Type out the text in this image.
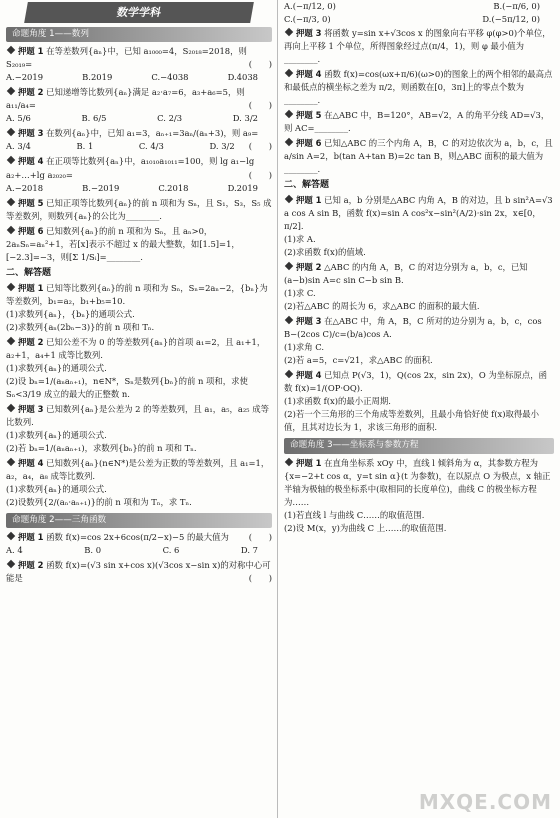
数学学科
命题角度 1——数列
押题 1 在等差数列{aₙ}中，已知 a₁₀₀₀=4，S₂₀₁₈=2018，则 S₂₀₁₉=	(　　)
A.−2019	B.2019	C.−4038	D.4038
押题 2 已知递增等比数列{aₙ}满足 a₂·a₇=6，a₃+a₆=5，则 a₁₁/a₄=	(　　)
A. 5/6	B. 6/5	C. 2/3	D. 3/2
押题 3 在数列{aₙ}中，已知 a₁=3，aₙ₊₁=3aₙ/(aₙ+3)，则 a₉=
(　　)
A. 3/4	B. 1	C. 4/3	D. 3/2
押题 4 在正项等比数列{aₙ}中，a₁₀₁₀a₁₀₁₁=100，则 lg a₁−lg a₂+…+lg a₂₀₂₀=	(　　)
A.−2018	B.−2019	C.2018	D.2019
押题 5 已知正项等比数列{aₙ}的前 n 项和为 Sₙ，且 S₁，S₃，S₅ 成等差数列，则数列{aₙ}的公比为________.
押题 6 已知数列{aₙ}的前 n 项和为 Sₙ，且 aₙ>0，2aₙSₙ=aₙ²+1，若[x]表示不超过 x 的最大整数，如[1.5]=1，[−2.3]=−3，则[Σ 1/Sᵢ]=________.
二、解答题
押题 1 已知等比数列{aₙ}的前 n 项和为 Sₙ，Sₙ=2aₙ−2，{bₙ}为等差数列，b₁=a₂，b₁+b₅=10.
(1)求数列{aₙ}，{bₙ}的通项公式.
(2)求数列{aₙ(2bₙ−3)}的前 n 项和 Tₙ.
押题 2 已知公差不为 0 的等差数列{aₙ}的首项 a₁=2，且 a₁+1，a₂+1，a₄+1 成等比数列.
(1)求数列{aₙ}的通项公式.
(2)设 bₙ=1/(aₙaₙ₊₁)，n∈N*，Sₙ是数列{bₙ}的前 n 项和，求使 Sₙ<3/19 成立的最大的正整数 n.
押题 3 已知数列{aₙ}是公差为 2 的等差数列，且 a₁，a₅，a₂₅ 成等比数列.
(1)求数列{aₙ}的通项公式.
(2)若 bₙ=1/(aₙaₙ₊₁)，求数列{bₙ}的前 n 项和 Tₙ.
押题 4 已知数列{aₙ}(n∈N*)是公差为正数的等差数列，且 a₁=1，a₂，a₄，a₈ 成等比数列.
(1)求数列{aₙ}的通项公式.
(2)设数列{2/(aₙ·aₙ₊₁)}的前 n 项和为 Tₙ，求 Tₙ.
命题角度 2——三角函数
押题 1 函数 f(x)=cos 2x+6cos(π/2−x)−5 的最大值为 (　　)
A. 4	B. 0	C. 6	D. 7
押题 2 函数 f(x)=(√3 sin x+cos x)(√3cos x−sin x)的对称中心可能是	(　　)
A.(−π/12, 0)	B.(−π/6, 0)
C.(−π/3, 0)	D.(−5π/12, 0)
押题 3 将函数 y=sin x+√3cos x 的图象向右平移 φ(φ>0)个单位，再向上平移 1 个单位，所得图象经过点(π/4，1)，则 φ 最小值为________.
押题 4 函数 f(x)=cos(ωx+π/6)(ω>0)的图象上的两个相邻的最高点和最低点的横坐标之差为 π/2，则函数在[0，3π]上的零点个数为________.
押题 5 在△ABC 中，B=120°，AB=√2，A 的角平分线 AD=√3，则 AC=________.
押题 6 已知△ABC 的三个内角 A，B，C 的对边依次为 a，b，c，且 a/sin A=2，b(tan A+tan B)=2c tan B，则△ABC 面积的最大值为________.
二、解答题
押题 1 已知 a，b 分别是△ABC 内角 A，B 的对边，且 b sin²A=√3 a cos A sin B，函数 f(x)=sin A cos²x−sin²(A/2)·sin 2x，x∈[0，π/2].
(1)求 A.
(2)求函数 f(x)的值域.
押题 2 △ABC 的内角 A，B，C 的对边分别为 a，b，c，已知(a−b)sin A=c sin C−b sin B.
(1)求 C.
(2)若△ABC 的周长为 6，求△ABC 的面积的最大值.
押题 3 在△ABC 中，角 A，B，C 所对的边分别为 a，b，c，cos B−(2cos C)/c=(b/a)cos A.
(1)求角 C.
(2)若 a=5，c=√21，求△ABC 的面积.
押题 4 已知点 P(√3，1)，Q(cos 2x，sin 2x)，O 为坐标原点，函数 f(x)=1/(OP·OQ).
(1)求函数 f(x)的最小正周期.
(2)若一个三角形的三个角成等差数列，且最小角恰好使 f(x)取得最小值，且其对边长为 1，求该三角形的面积.
命题角度 3——坐标系与参数方程
押题 1 在直角坐标系 xOy 中，直线 l 倾斜角为 α，其参数方程为 {x=−2+t cos α，y=t sin α}(t 为参数)，在以原点 O 为极点，x 轴正半轴为极轴的极坐标系中(取相同的长度单位)，曲线 C 的极坐标方程为……
(1)若直线 l 与曲线 C……的取值范围.
(2)设 M(x，y)为曲线 C 上……的取值范围.
MXQE.COM
